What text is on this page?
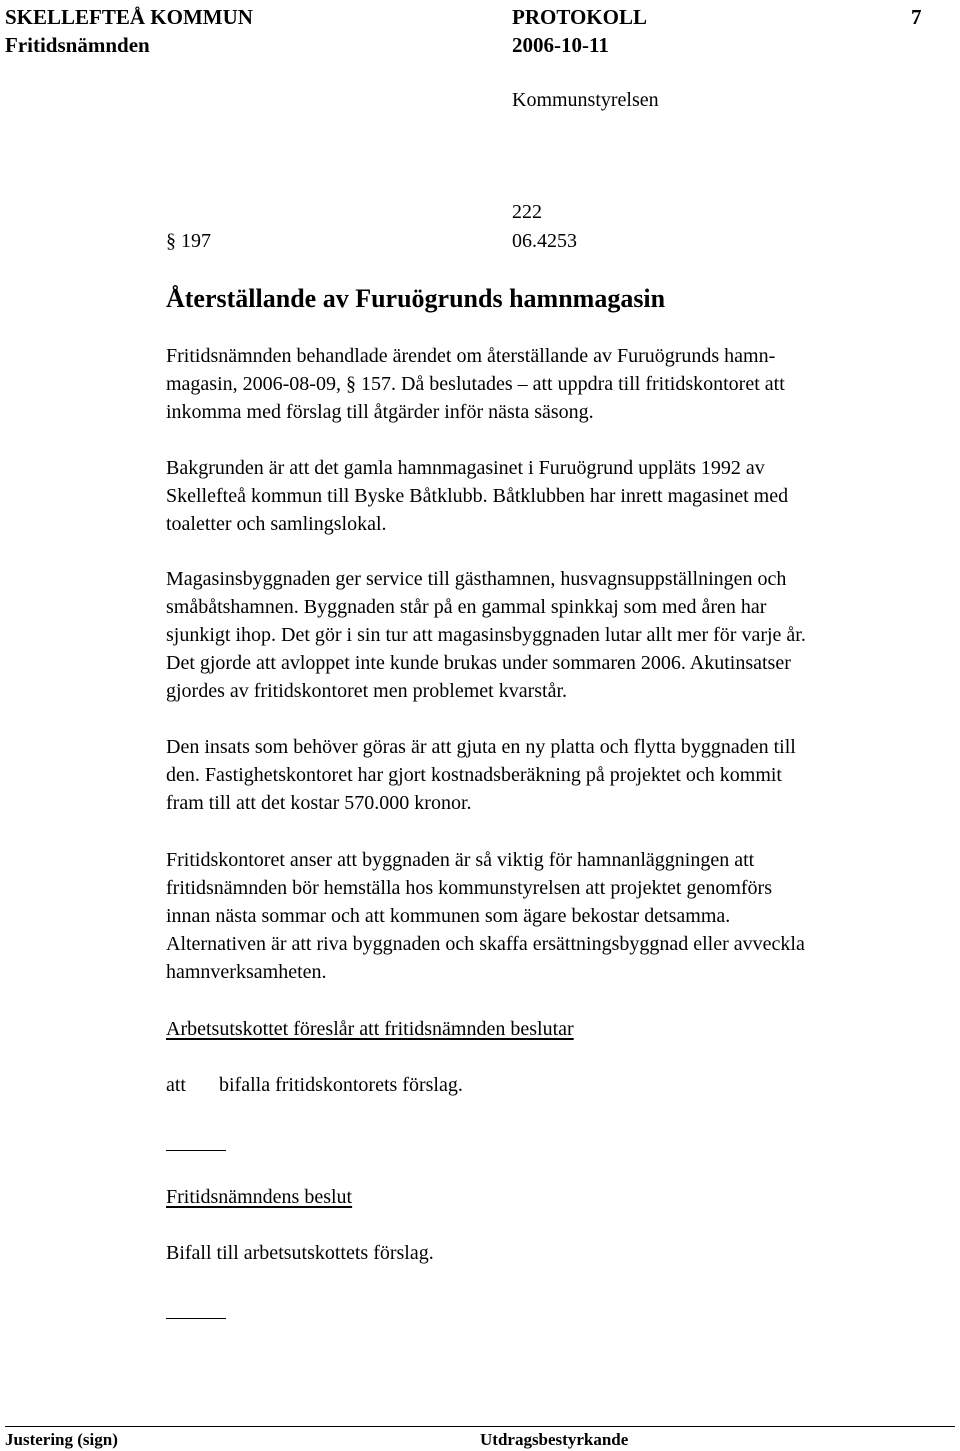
SKELLEFTEÅ KOMMUN	PROTOKOLL	7
Fritidsnämnden	2006-10-11
Kommunstyrelsen
222
§ 197	06.4253
Återställande av Furuögrunds hamnmagasin
Fritidsnämnden behandlade ärendet om återställande av Furuögrunds hamn-
magasin, 2006-08-09, § 157. Då beslutades – att uppdra till fritidskontoret att
inkomma med förslag till åtgärder inför nästa säsong.
Bakgrunden är att det gamla hamnmagasinet i Furuögrund uppläts 1992 av
Skellefteå kommun till Byske Båtklubb. Båtklubben har inrett magasinet med
toaletter och samlingslokal.
Magasinsbyggnaden ger service till gästhamnen, husvagnsuppställningen och
småbåtshamnen. Byggnaden står på en gammal spinkkaj som med åren har
sjunkigt ihop. Det gör i sin tur att magasinsbyggnaden lutar allt mer för varje år.
Det gjorde att avloppet inte kunde brukas under sommaren 2006. Akutinsatser
gjordes av fritidskontoret men problemet kvarstår.
Den insats som behöver göras är att gjuta en ny platta och flytta byggnaden till
den. Fastighetskontoret har gjort kostnadsberäkning på projektet och kommit
fram till att det kostar 570.000 kronor.
Fritidskontoret anser att byggnaden är så viktig för hamnanläggningen att
fritidsnämnden bör hemställa hos kommunstyrelsen att projektet genomförs
innan nästa sommar och att kommunen som ägare bekostar detsamma.
Alternativen är att riva byggnaden och skaffa ersättningsbyggnad eller avveckla
hamnverksamheten.
Arbetsutskottet föreslår att fritidsnämnden beslutar
att bifalla fritidskontorets förslag.
Fritidsnämndens beslut
Bifall till arbetsutskottets förslag.
Justering (sign)	Utdragsbestyrkande
